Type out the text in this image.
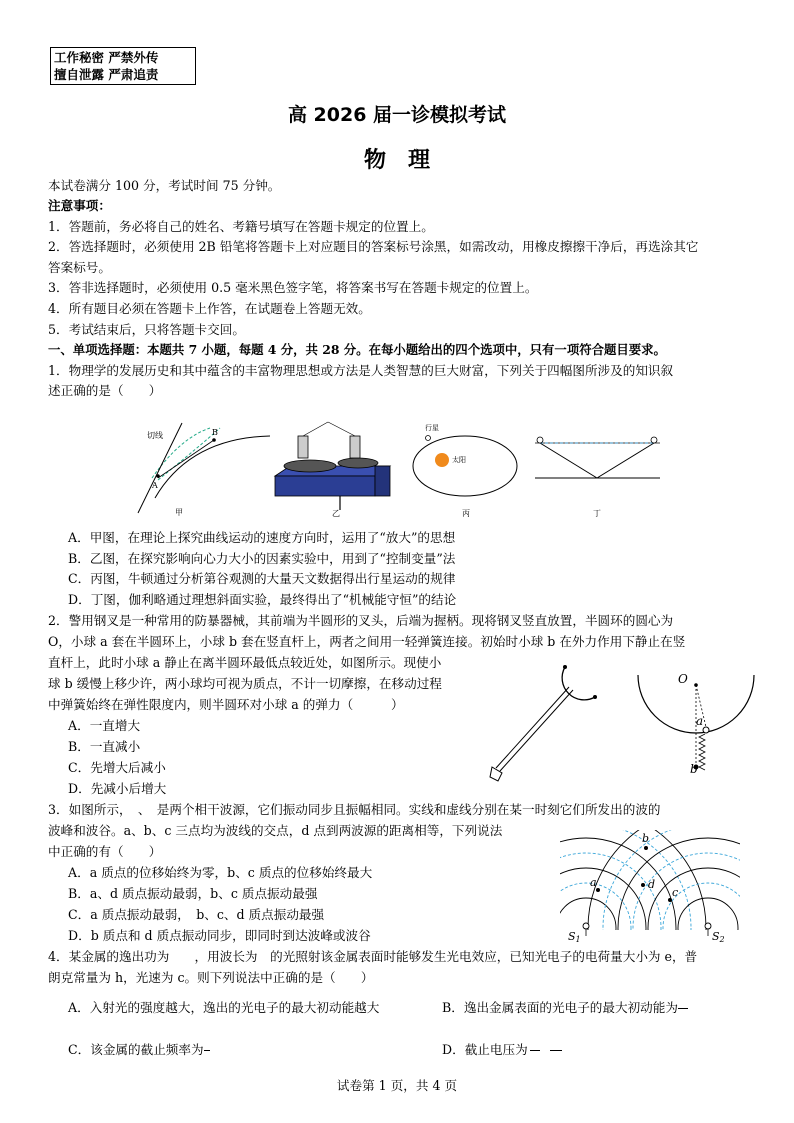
工作秘密 严禁外传
擅自泄露 严肃追责
高 2026 届一诊模拟考试
物　理
本试卷满分 100 分，考试时间 75 分钟。
注意事项：
1．答题前，务必将自己的姓名、考籍号填写在答题卡规定的位置上。
2．答选择题时，必须使用 2B 铅笔将答题卡上对应题目的答案标号涂黑，如需改动，用橡皮擦擦干净后，再选涂其它
答案标号。
3．答非选择题时，必须使用 0.5 毫米黑色签字笔，将答案书写在答题卡规定的位置上。
4．所有题目必须在答题卡上作答，在试题卷上答题无效。
5．考试结束后，只将答题卡交回。
一、单项选择题：本题共 7 小题，每题 4 分，共 28 分。在每小题给出的四个选项中，只有一项符合题目要求。
1．物理学的发展历史和其中蕴含的丰富物理思想或方法是人类智慧的巨大财富，下列关于四幅图所涉及的知识叙
述正确的是（　　）
切线
A
B
甲	乙
行星
太阳
丙	丁
A．甲图，在理论上探究曲线运动的速度方向时，运用了“放大”的思想
B．乙图，在探究影响向心力大小的因素实验中，用到了“控制变量”法
C．丙图，牛顿通过分析第谷观测的大量天文数据得出行星运动的规律
D．丁图，伽利略通过理想斜面实验，最终得出了“机械能守恒”的结论
2．警用钢叉是一种常用的防暴器械，其前端为半圆形的叉头，后端为握柄。现将钢叉竖直放置，半圆环的圆心为
O，小球 a 套在半圆环上，小球 b 套在竖直杆上，两者之间用一轻弹簧连接。初始时小球 b 在外力作用下静止在竖
直杆上，此时小球 a 静止在离半圆环最低点较近处，如图所示。现使小
球 b 缓慢上移少许，两小球均可视为质点，不计一切摩擦，在移动过程
中弹簧始终在弹性限度内，则半圆环对小球 a 的弹力（　　　）
A．一直增大
B．一直减小
C．先增大后减小
D．先减小后增大
O
a
b
3．如图所示，　、　是两个相干波源，它们振动同步且振幅相同。实线和虚线分别在某一时刻它们所发出的波的
波峰和波谷。a、b、c 三点均为波线的交点，d 点到两波源的距离相等，下列说法
中正确的有（　　）
A．a 质点的位移始终为零，b、c 质点的位移始终最大
B．a、d 质点振动最弱，b、c 质点振动最强
C．a 质点振动最弱，　b、c、d 质点振动最强
D．b 质点和 d 质点振动同步，即同时到达波峰或波谷
b
a	d
c
S1	S2
4．某金属的逸出功为　　，用波长为　的光照射该金属表面时能够发生光电效应，已知光电子的电荷量大小为 e，普
朗克常量为 h，光速为 c。则下列说法中正确的是（　　）
A．入射光的强度越大，逸出的光电子的最大初动能越大	B．逸出金属表面的光电子的最大初动能为
C．该金属的截止频率为	D．截止电压为
试卷第 1 页，共 4 页
